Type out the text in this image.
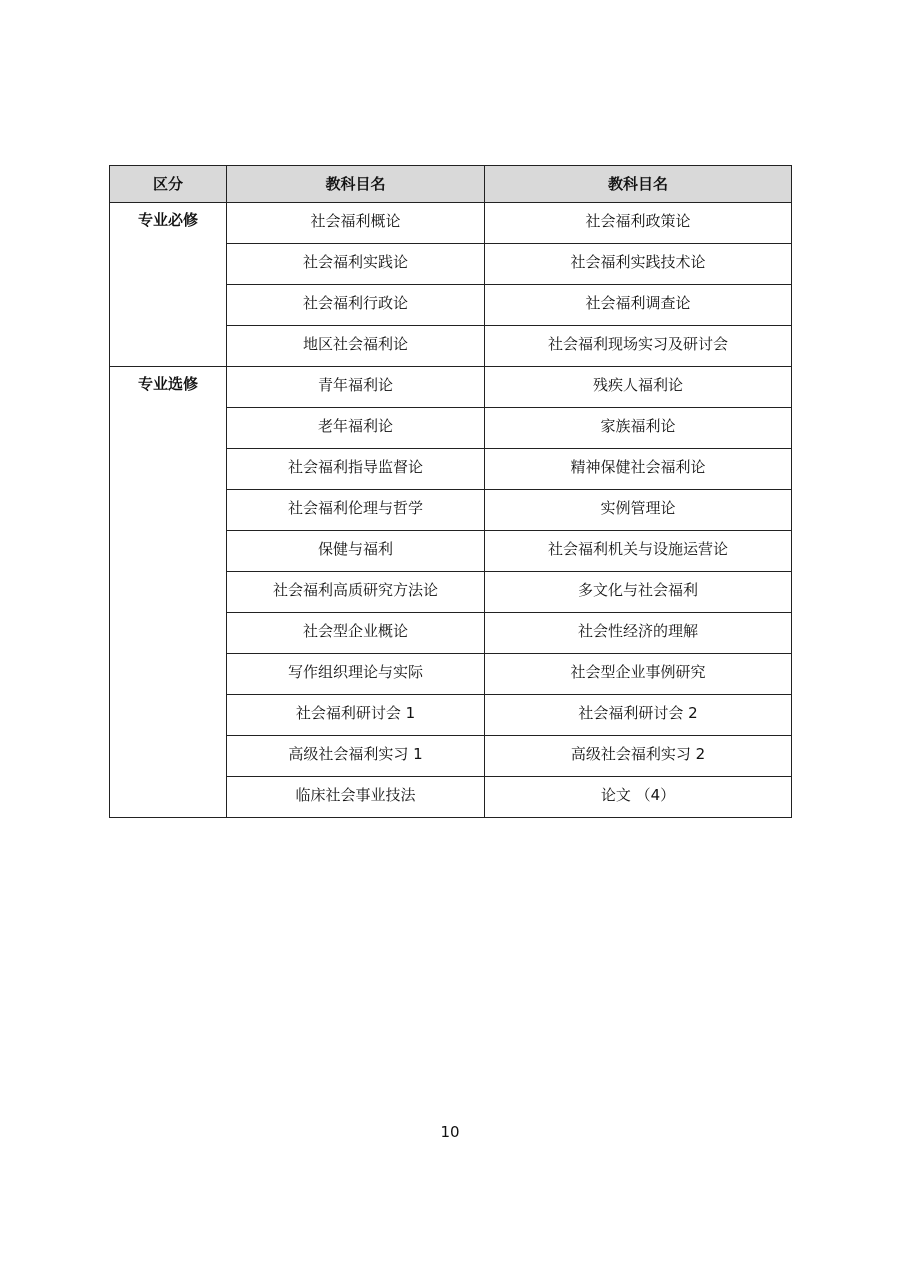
区分	教科目名	教科目名
专业必修	社会福利概论	社会福利政策论
	社会福利实践论	社会福利实践技术论
	社会福利行政论	社会福利调查论
	地区社会福利论	社会福利现场实习及研讨会
专业选修	青年福利论	残疾人福利论
	老年福利论	家族福利论
	社会福利指导监督论	精神保健社会福利论
	社会福利伦理与哲学	实例管理论
	保健与福利	社会福利机关与设施运营论
	社会福利高质研究方法论	多文化与社会福利
	社会型企业概论	社会性经济的理解
	写作组织理论与实际	社会型企业事例研究
	社会福利研讨会 1	社会福利研讨会 2
	高级社会福利实习 1	高级社会福利实习 2
	临床社会事业技法	论文 （4）
10
